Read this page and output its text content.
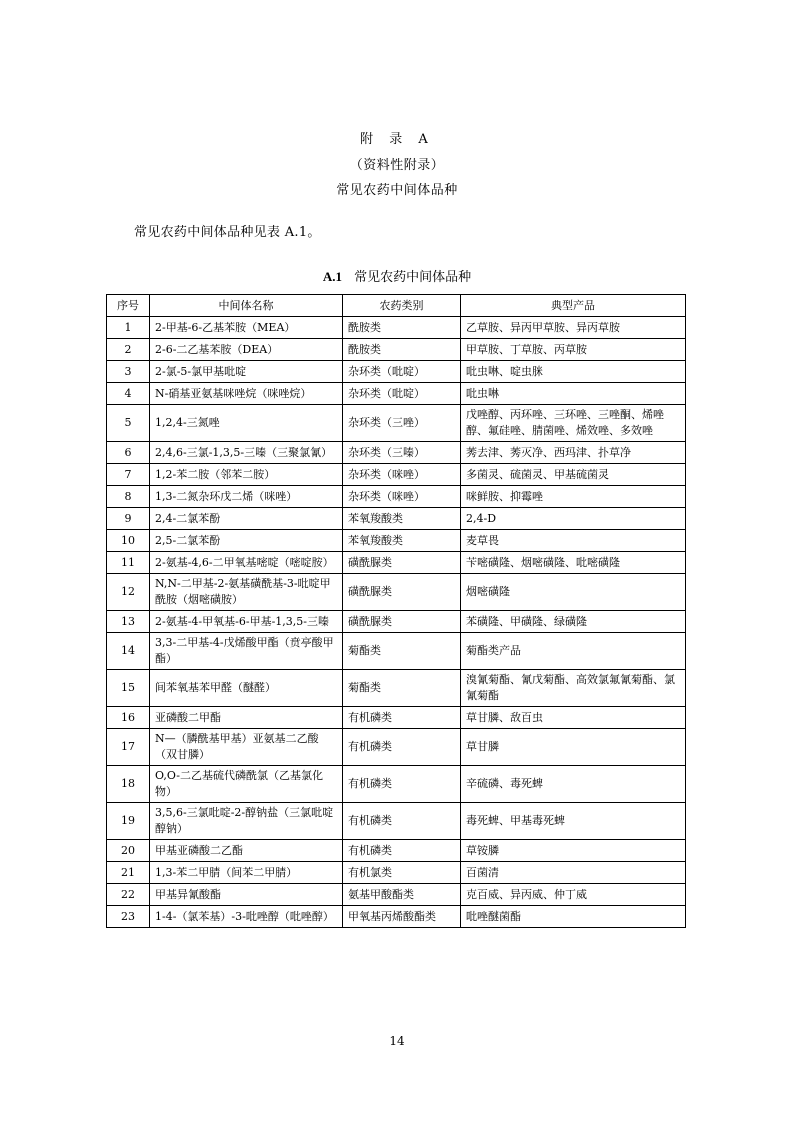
附 录 A
（资料性附录）
常见农药中间体品种
常见农药中间体品种见表 A.1。
A.1 常见农药中间体品种
序号	中间体名称	农药类别	典型产品
1	2-甲基-6-乙基苯胺（MEA）	酰胺类	乙草胺、异丙甲草胺、异丙草胺
2	2-6-二乙基苯胺（DEA）	酰胺类	甲草胺、丁草胺、丙草胺
3	2-氯-5-氯甲基吡啶	杂环类（吡啶）	吡虫啉、啶虫脒
4	N-硝基亚氨基咪唑烷（咪唑烷）	杂环类（吡啶）	吡虫啉
5	1,2,4-三氮唑	杂环类（三唑）	戊唑醇、丙环唑、三环唑、三唑酮、烯唑醇、氟硅唑、腈菌唑、烯效唑、多效唑
6	2,4,6-三氯-1,3,5-三嗪（三聚氯氰）	杂环类（三嗪）	莠去津、莠灭净、西玛津、扑草净
7	1,2-苯二胺（邻苯二胺）	杂环类（咪唑）	多菌灵、硫菌灵、甲基硫菌灵
8	1,3-二氮杂环戊二烯（咪唑）	杂环类（咪唑）	咪鲜胺、抑霉唑
9	2,4-二氯苯酚	苯氧羧酸类	2,4-D
10	2,5-二氯苯酚	苯氧羧酸类	麦草畏
11	2-氨基-4,6-二甲氧基嘧啶（嘧啶胺）	磺酰脲类	苄嘧磺隆、烟嘧磺隆、吡嘧磺隆
12	N,N-二甲基-2-氨基磺酰基-3-吡啶甲酰胺（烟嘧磺胺）	磺酰脲类	烟嘧磺隆
13	2-氨基-4-甲氧基-6-甲基-1,3,5-三嗪	磺酰脲类	苯磺隆、甲磺隆、绿磺隆
14	3,3-二甲基-4-戊烯酸甲酯（贲亭酸甲酯）	菊酯类	菊酯类产品
15	间苯氧基苯甲醛（醚醛）	菊酯类	溴氰菊酯、氰戊菊酯、高效氯氟氰菊酯、氯氰菊酯
16	亚磷酸二甲酯	有机磷类	草甘膦、敌百虫
17	N—（膦酰基甲基）亚氨基二乙酸（双甘膦）	有机磷类	草甘膦
18	O,O-二乙基硫代磷酰氯（乙基氯化物）	有机磷类	辛硫磷、毒死蜱
19	3,5,6-三氯吡啶-2-醇钠盐（三氯吡啶醇钠）	有机磷类	毒死蜱、甲基毒死蜱
20	甲基亚磷酸二乙酯	有机磷类	草铵膦
21	1,3-苯二甲腈（间苯二甲腈）	有机氯类	百菌清
22	甲基异氰酸酯	氨基甲酸酯类	克百威、异丙威、仲丁威
23	1-4-（氯苯基）-3-吡唑醇（吡唑醇）	甲氧基丙烯酸酯类	吡唑醚菌酯
14
